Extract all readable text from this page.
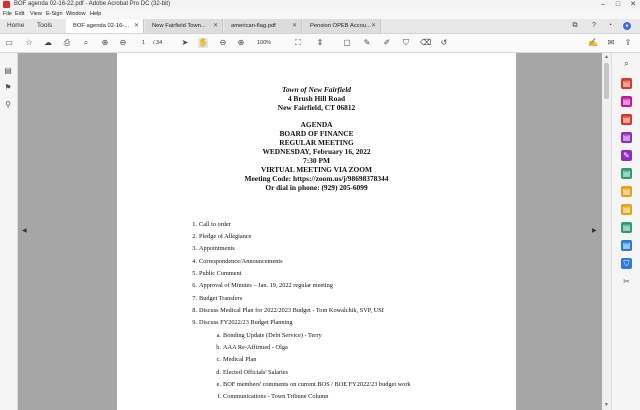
BOF agenda 02-16-22.pdf - Adobe Acrobat Pro DC (32-bit)	–	□	✕
File Edit View E-Sign Window Help
Home Tools	BOF agenda 02-16-... ✕	New Fairfield Town... ✕	american-flag.pdf	✕	Pension OPEB Accou... ✕	⧉ ? ◔	●
▭ ☆ ☁ ⎙	⌕	⊕ ⊖	1 / 34 ➤ ✋ ⊖ ⊕	100%	⛶ ⇕ ▢ ✎ ✐ ⛉ ⌫ ↺	✍ ✉ ⇪
▤
⚑
⚲
◀	▶
Town of New Fairfield
4 Brush Hill Road
New Fairfield, CT 06812
AGENDA
BOARD OF FINANCE
REGULAR MEETING
WEDNESDAY, February 16, 2022
7:30 PM
VIRTUAL MEETING VIA ZOOM
Meeting Code: https://zoom.us/j/98698378344
Or dial in phone: (929) 205-6099
1. Call to order
2. Pledge of Allegiance
3. Appointments
4. Correspondence/Announcements
5. Public Comment
6. Approval of Minutes – Jan. 19, 2022 regular meeting
7. Budget Transfers
8. Discuss Medical Plan for 2022/2023 Budget - Tom Kowalchik, SVP, USI
9. Discuss FY2022/23 Budget Planning
a. Bonding Update (Debt Service) - Terry
b. AAA Re-Affirmed - Olga
c. Medical Plan
d. Elected Officials' Salaries
e. BOF members' comments on current BOS / BOE FY2022/23 budget work
f. Communications - Town Tribune Column
▲
▼
⌕
▤
▤
▤
▤
✎
▤
▤
▤
▤
▤
⛉
✂
